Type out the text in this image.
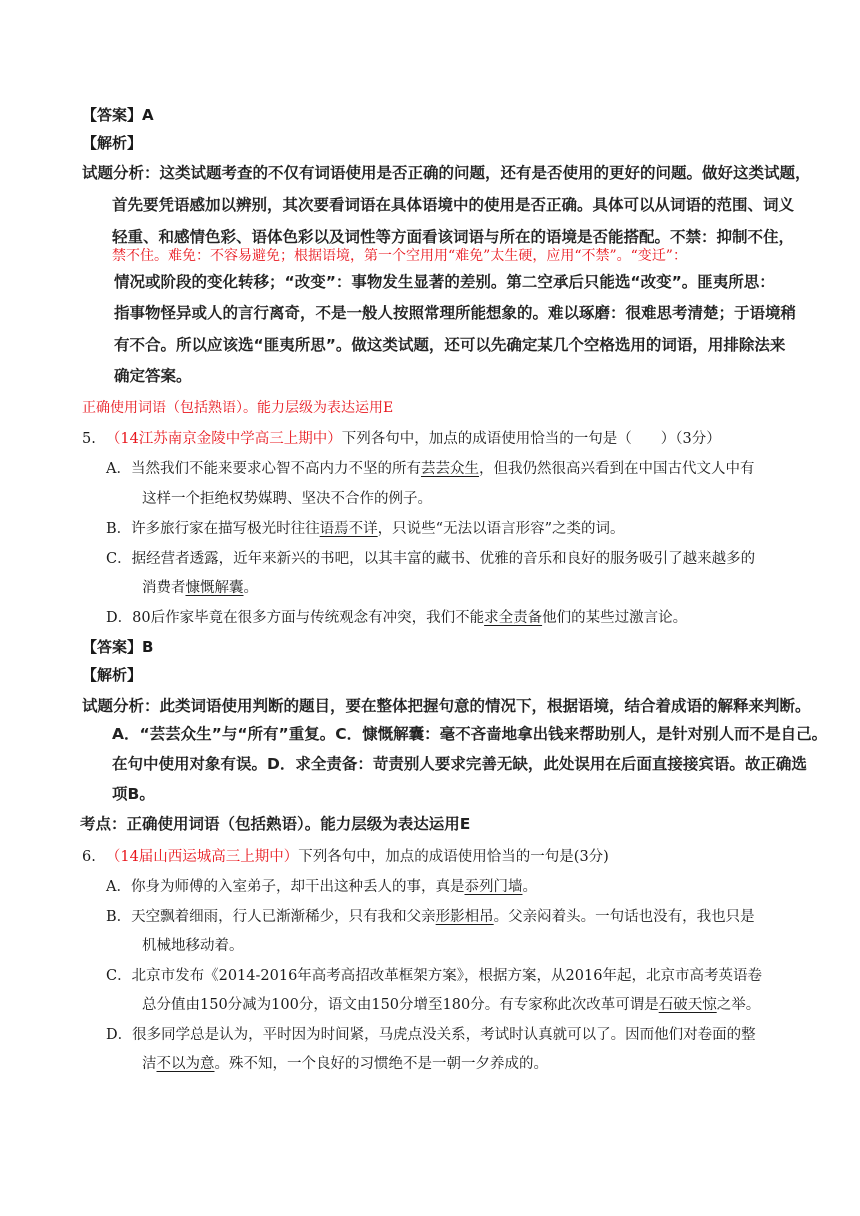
【答案】A
【解析】
试题分析：这类试题考查的不仅有词语使用是否正确的问题，还有是否使用的更好的问题。做好这类试题，
首先要凭语感加以辨别，其次要看词语在具体语境中的使用是否正确。具体可以从词语的范围、词义
轻重、和感情色彩、语体色彩以及词性等方面看该词语与所在的语境是否能搭配。不禁：抑制不住，
禁不住。难免：不容易避免；根据语境，第一个空用用“难免”太生硬，应用“不禁”。“变迁”：
情况或阶段的变化转移；“改变”：事物发生显著的差别。第二空承后只能选“改变”。匪夷所思：
指事物怪异或人的言行离奇，不是一般人按照常理所能想象的。难以琢磨：很难思考清楚；于语境稍
有不合。所以应该选“匪夷所思”。做这类试题，还可以先确定某几个空格选用的词语，用排除法来
确定答案。
正确使用词语（包括熟语）。能力层级为表达运用E
5. （14江苏南京金陵中学高三上期中）下列各句中，加点的成语使用恰当的一句是（　　）（3分）
A．当然我们不能来要求心智不高内力不坚的所有芸芸众生，但我仍然很高兴看到在中国古代文人中有
这样一个拒绝权势媒聘、坚决不合作的例子。
B．许多旅行家在描写极光时往往语焉不详，只说些“无法以语言形容”之类的词。
C．据经营者透露，近年来新兴的书吧，以其丰富的藏书、优雅的音乐和良好的服务吸引了越来越多的
消费者慷慨解囊。
D．80后作家毕竟在很多方面与传统观念有冲突，我们不能求全责备他们的某些过激言论。
【答案】B
【解析】
试题分析：此类词语使用判断的题目，要在整体把握句意的情况下，根据语境，结合着成语的解释来判断。
A．“芸芸众生”与“所有”重复。C．慷慨解囊：毫不吝啬地拿出钱来帮助别人，是针对别人而不是自己。
在句中使用对象有误。D．求全责备：苛责别人要求完善无缺，此处误用在后面直接接宾语。故正确选
项B。
考点：正确使用词语（包括熟语）。能力层级为表达运用E
6. （14届山西运城高三上期中）下列各句中，加点的成语使用恰当的一句是(3分)
A．你身为师傅的入室弟子，却干出这种丢人的事，真是忝列门墙。
B．天空飘着细雨，行人已渐渐稀少，只有我和父亲形影相吊。父亲闷着头。一句话也没有，我也只是
机械地移动着。
C．北京市发布《2014-2016年高考高招改革框架方案》，根据方案，从2016年起，北京市高考英语卷
总分值由150分减为100分，语文由150分增至180分。有专家称此次改革可谓是石破天惊之举。
D．很多同学总是认为，平时因为时间紧，马虎点没关系，考试时认真就可以了。因而他们对卷面的整
洁不以为意。殊不知，一个良好的习惯绝不是一朝一夕养成的。
